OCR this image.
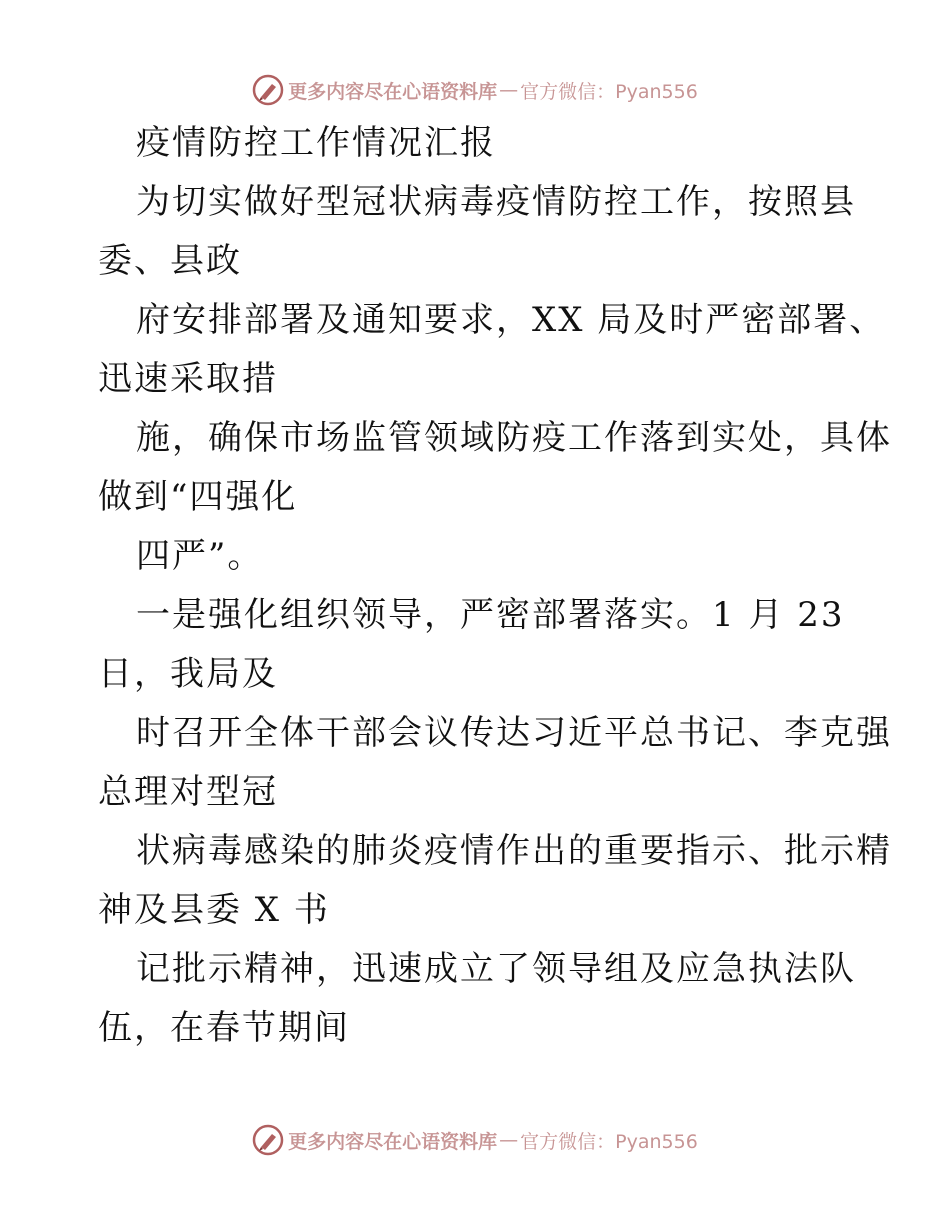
更多内容尽在心语资料库 — 官方微信：Pyan556
疫情防控工作情况汇报
为切实做好型冠状病毒疫情防控工作，按照县
委、县政
府安排部署及通知要求，XX 局及时严密部署、
迅速采取措
施，确保市场监管领域防疫工作落到实处，具体
做到“四强化
四严”。
一是强化组织领导，严密部署落实。1 月 23
日，我局及
时召开全体干部会议传达习近平总书记、李克强
总理对型冠
状病毒感染的肺炎疫情作出的重要指示、批示精
神及县委 X 书
记批示精神，迅速成立了领导组及应急执法队
伍，在春节期间
更多内容尽在心语资料库 — 官方微信：Pyan556
